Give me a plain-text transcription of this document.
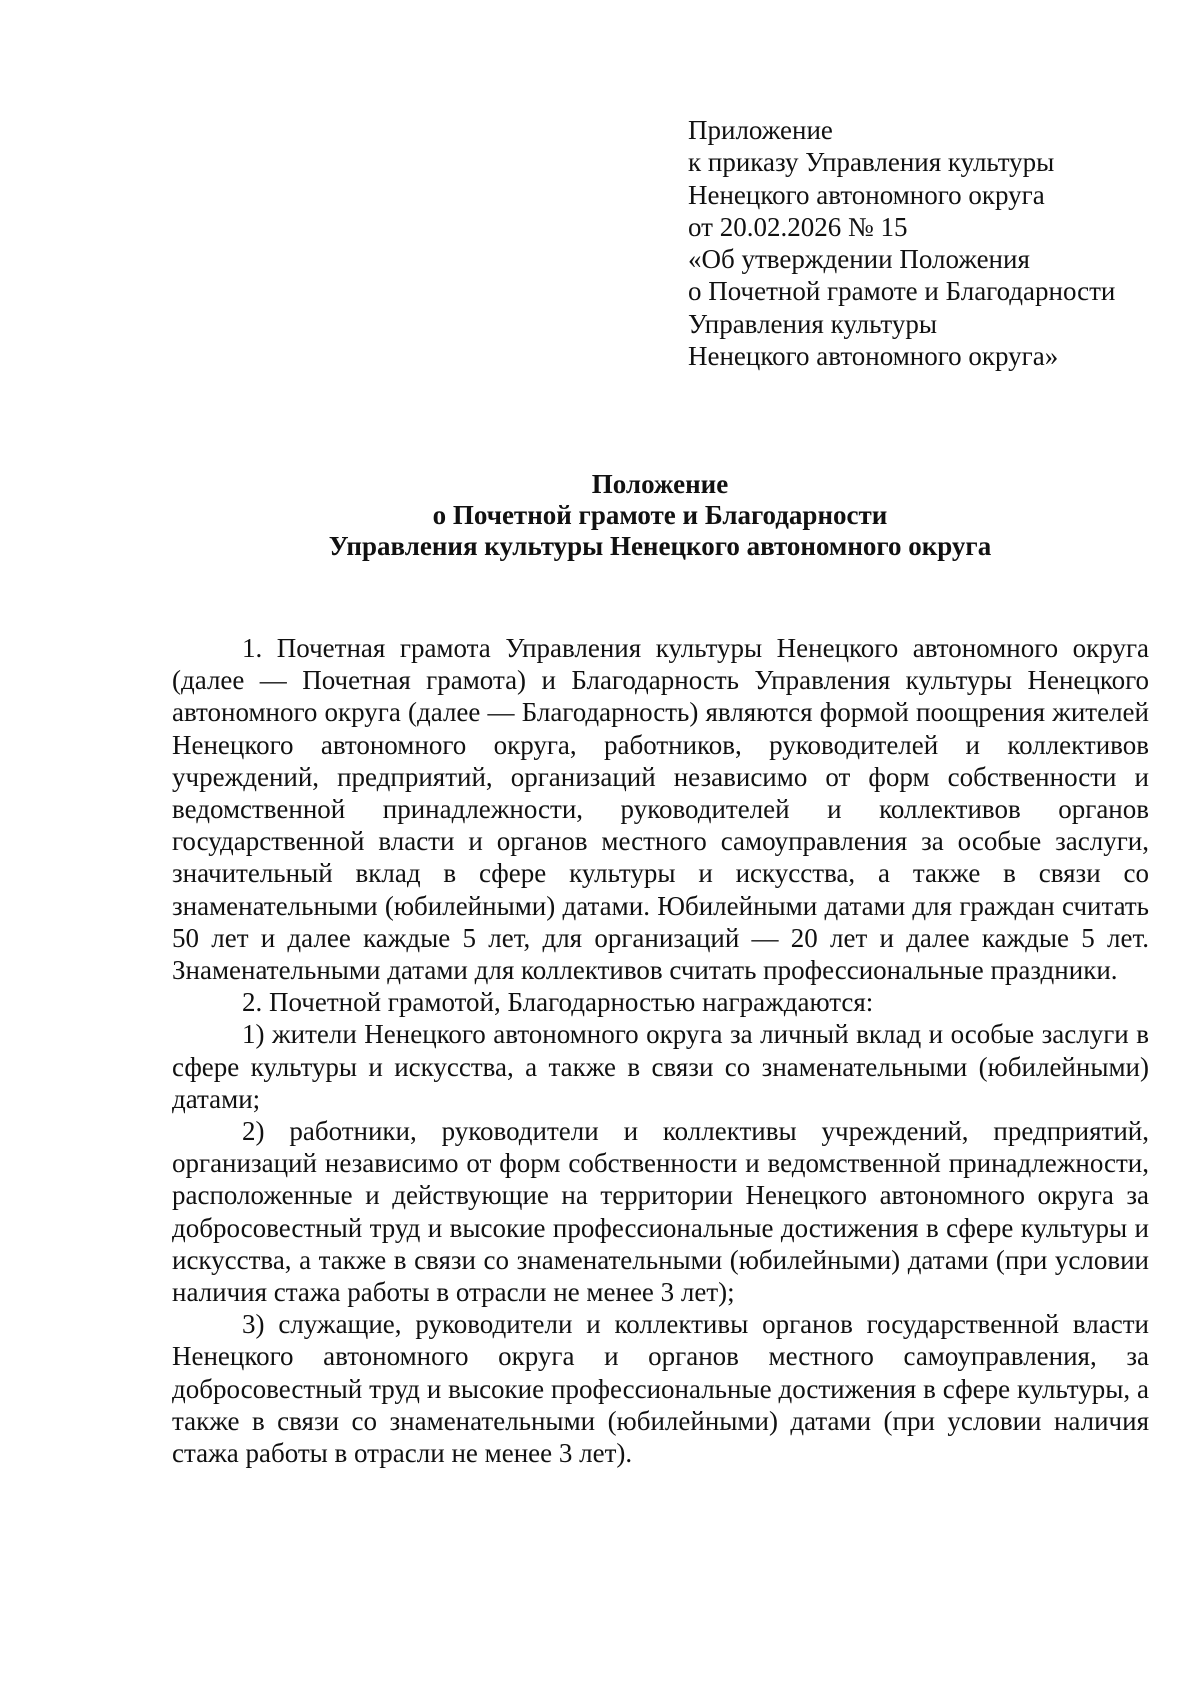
Приложение
к приказу Управления культуры
Ненецкого автономного округа
от 20.02.2026 № 15
«Об утверждении Положения
о Почетной грамоте и Благодарности
Управления культуры
Ненецкого автономного округа»
Положение
о Почетной грамоте и Благодарности
Управления культуры Ненецкого автономного округа

1. Почетная грамота Управления культуры Ненецкого автономного округа (далее — Почетная грамота) и Благодарность Управления культуры Ненецкого автономного округа (далее — Благодарность) являются формой поощрения жителей Ненецкого автономного округа, работников, руководителей и коллективов учреждений, предприятий, организаций независимо от форм собственности и ведомственной принадлежности, руководителей и коллективов органов государственной власти и органов местного самоуправления за особые заслуги, значительный вклад в сфере культуры и искусства, а также в связи со знаменательными (юбилейными) датами. Юбилейными датами для граждан считать 50 лет и далее каждые 5 лет, для организаций — 20 лет и далее каждые 5 лет. Знаменательными датами для коллективов считать профессиональные праздники.

2. Почетной грамотой, Благодарностью награждаются:

1) жители Ненецкого автономного округа за личный вклад и особые заслуги в сфере культуры и искусства, а также в связи со знаменательными (юбилейными) датами;

2) работники, руководители и коллективы учреждений, предприятий, организаций независимо от форм собственности и ведомственной принадлежности, расположенные и действующие на территории Ненецкого автономного округа за добросовестный труд и высокие профессиональные достижения в сфере культуры и искусства, а также в связи со знаменательными (юбилейными) датами (при условии наличия стажа работы в отрасли не менее 3 лет);

3) служащие, руководители и коллективы органов государственной власти Ненецкого автономного округа и органов местного самоуправления, за добросовестный труд и высокие профессиональные достижения в сфере культуры, а также в связи со знаменательными (юбилейными) датами (при условии наличия стажа работы в отрасли не менее 3 лет).
